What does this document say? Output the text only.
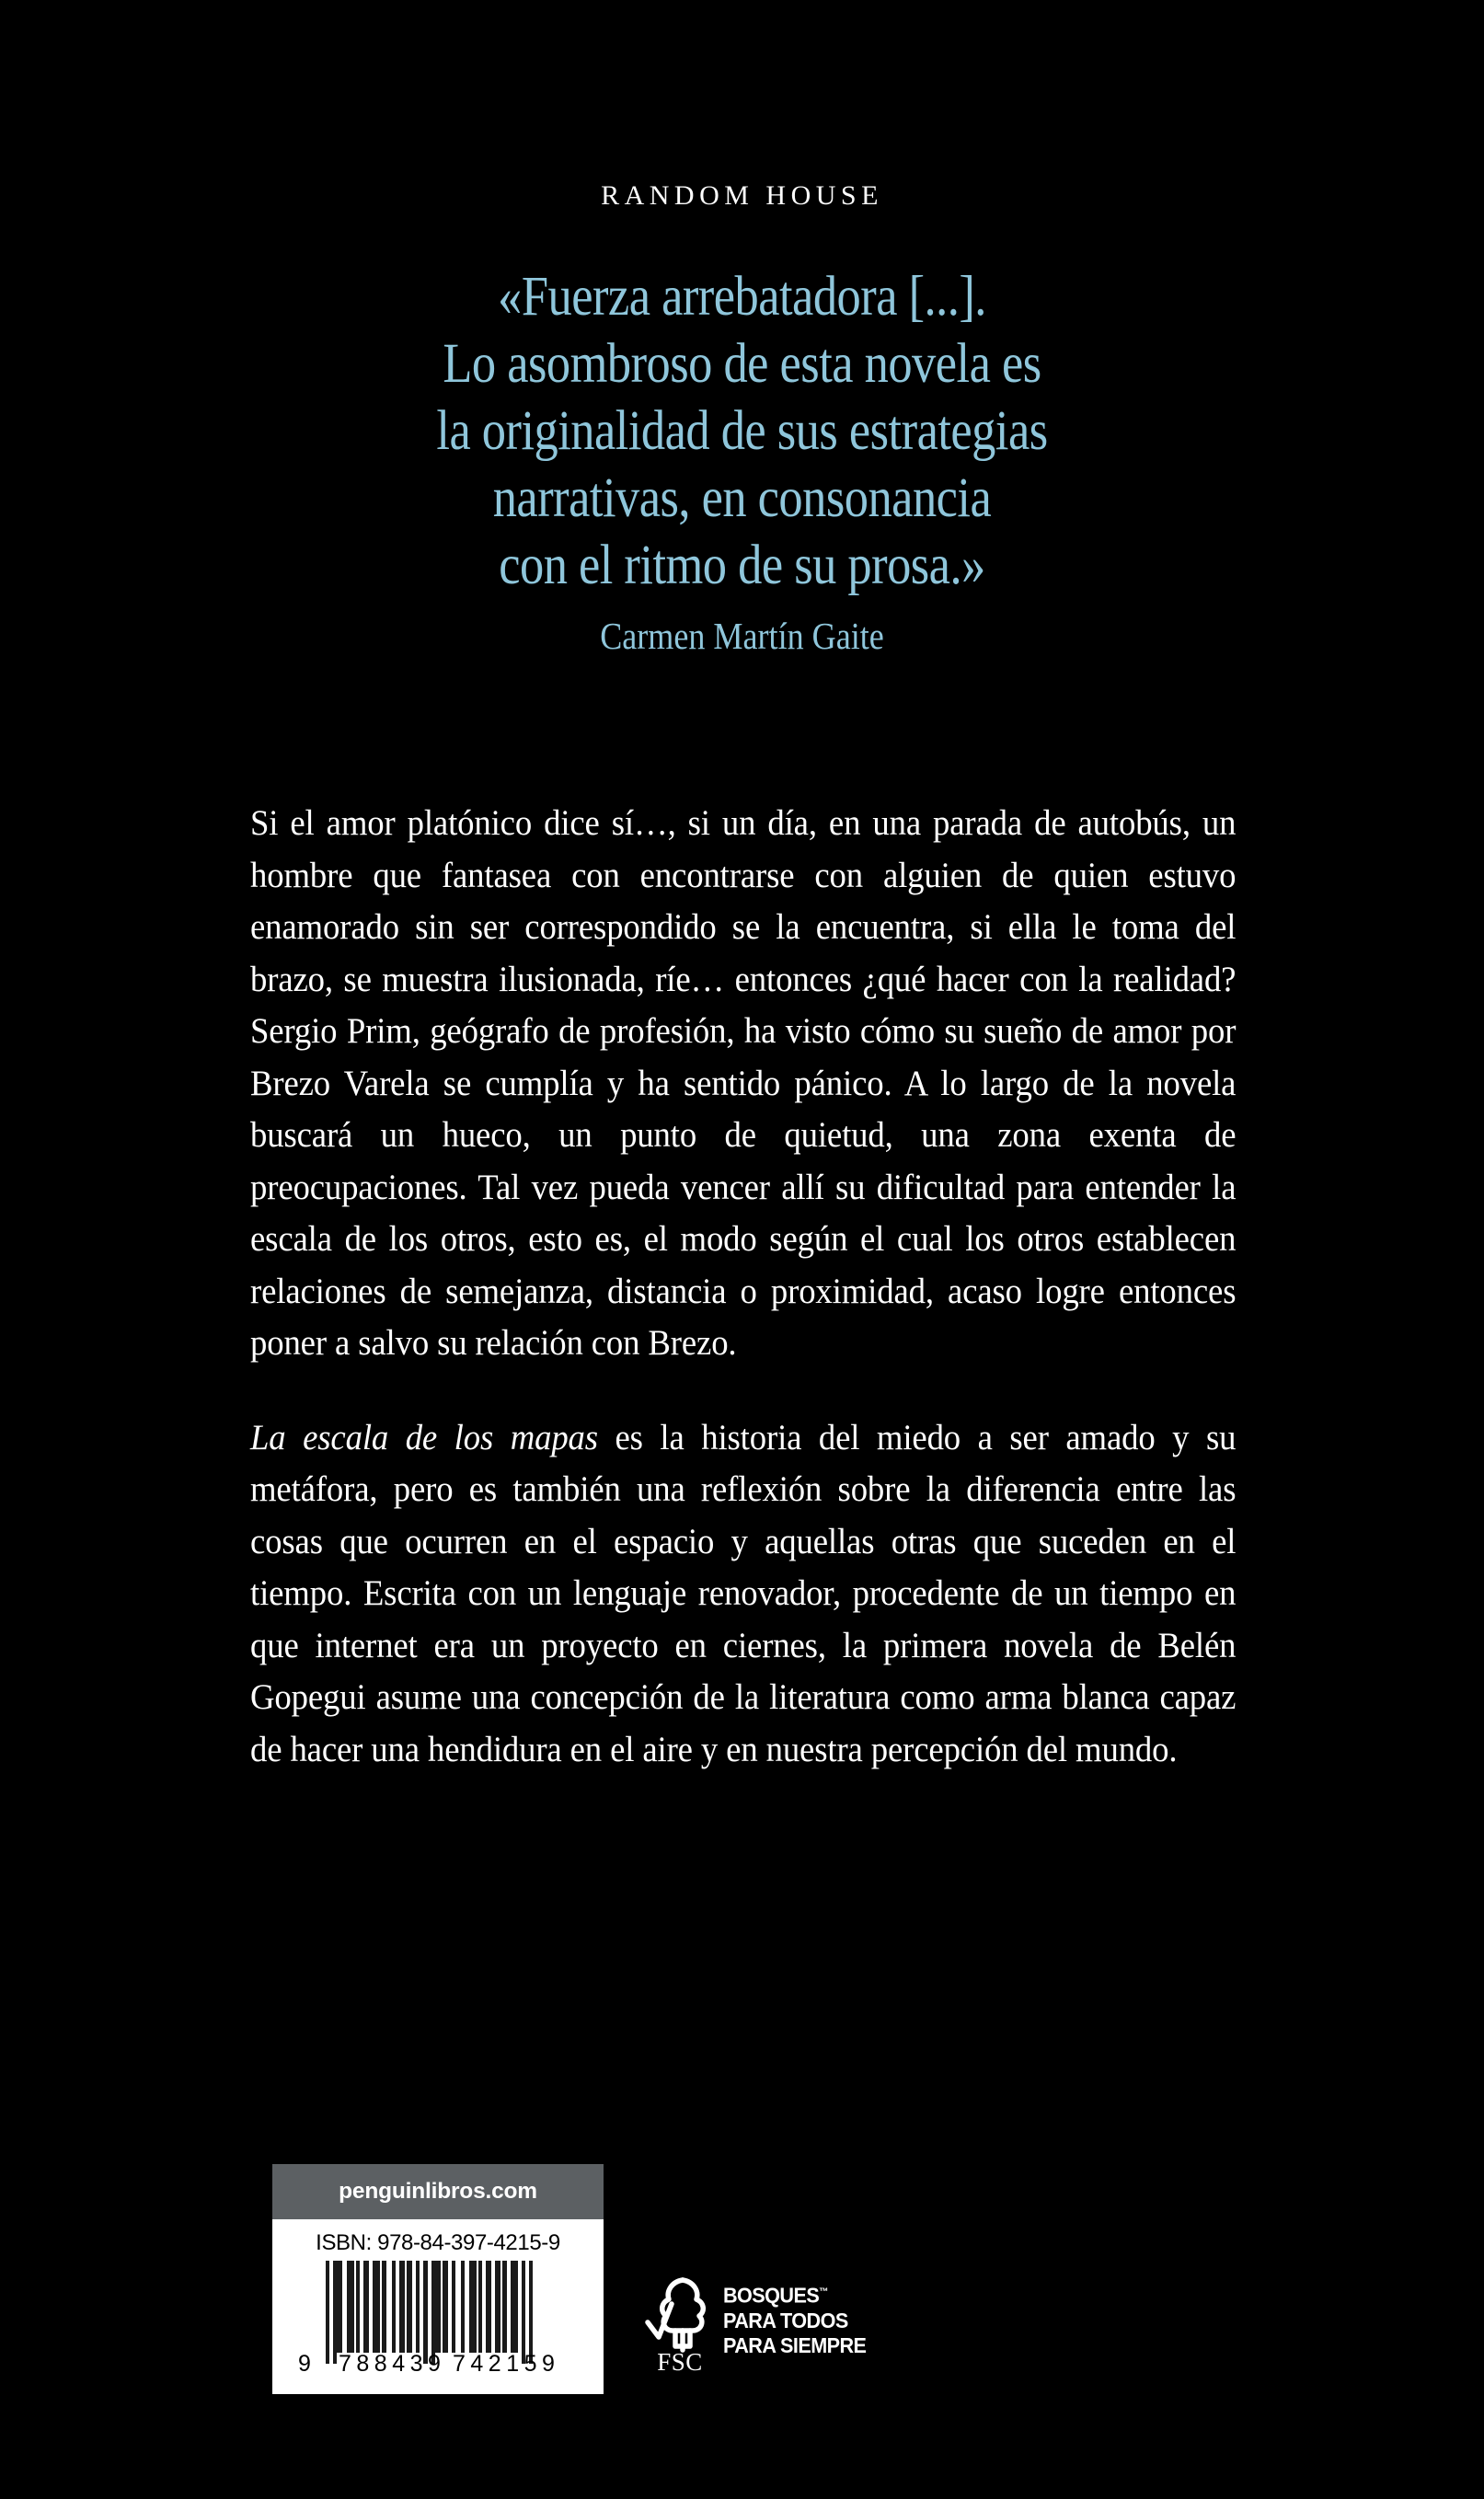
RANDOM HOUSE
«Fuerza arrebatadora [...].
Lo asombroso de esta novela es
la originalidad de sus estrategias
narrativas, en consonancia
con el ritmo de su prosa.»
Carmen Martín Gaite

Si el amor platónico dice sí…, si un día, en una parada de autobús, un hombre que fantasea con encontrarse con alguien de quien estuvo enamorado sin ser correspondido se la encuentra, si ella le toma del brazo, se muestra ilusionada, ríe… entonces ¿qué hacer con la realidad? Sergio Prim, geógrafo de profesión, ha visto cómo su sueño de amor por Brezo Varela se cumplía y ha sentido pánico. A lo largo de la novela buscará un hueco, un punto de quietud, una zona exenta de preocupaciones. Tal vez pueda vencer allí su dificultad para entender la escala de los otros, esto es, el modo según el cual los otros establecen relaciones de semejanza, distancia o proximidad, acaso logre entonces poner a salvo su relación con Brezo.

La escala de los mapas es la historia del miedo a ser amado y su metáfora, pero es también una reflexión sobre la diferencia entre las cosas que ocurren en el espacio y aquellas otras que suceden en el tiempo. Escrita con un lenguaje renovador, procedente de un tiempo en que internet era un proyecto en ciernes, la primera novela de Belén Gopegui asume una concepción de la literatura como arma blanca capaz de hacer una hendidura en el aire y en nuestra percepción del mundo.

penguinlibros.com
ISBN: 978-84-397-4215-9
9 788439 742159	FSC
BOSQUES™
PARA TODOS
PARA SIEMPRE
